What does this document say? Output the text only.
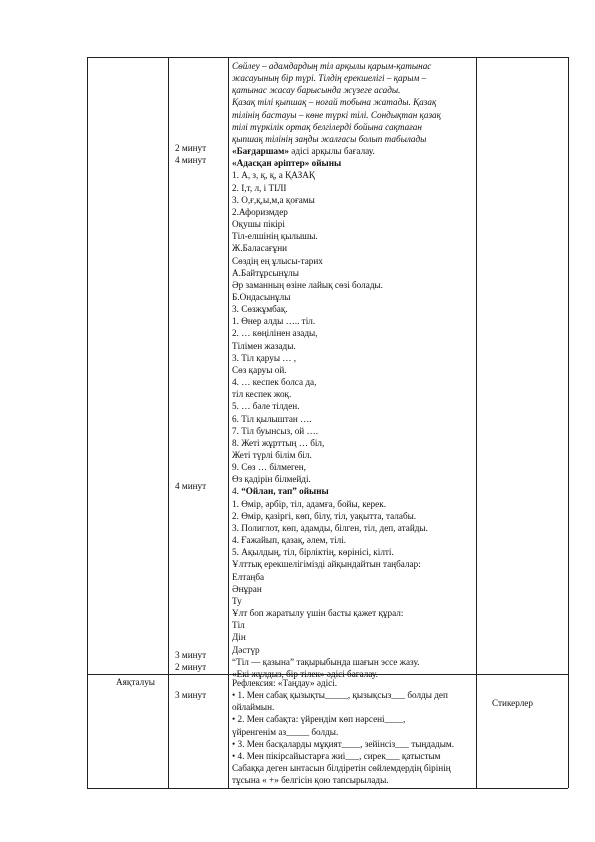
2 минут
4 минут
4 минут
3 минут
2 минут
3 минут
Аяқталуы
Стикерлер
Сөйлеу – адамдардың тіл арқылы қарым-қатынас
жасауының бір түрі. Тілдің ерекшелігі – қарым –
қатынас жасау барысында жүзеге асады.
Қазақ тілі қыпшақ – ноғай тобына жатады. Қазақ
тілінің бастауы – көне түркі тілі. Сондықтан қазақ
тілі түркілік ортақ белгілерді бойына сақтаған
қыпшақ тілінің заңды жалғасы болып табылады
«Бағдаршам» әдісі арқылы бағалау.
«Адасқан әріптер» ойыны
1. А, з, қ, қ, а ҚАЗАҚ
2. І,т, л, і ТІЛІ
3. О,ғ,қ,ы,м,а қоғамы
2.Афоризмдер
Оқушы пікірі
Тіл-елшінің қылышы.
Ж.Баласағұни
Сөздің ең ұлысы-тарих
А.Байтұрсынұлы
Әр заманның өзіне лайық сөзі болады.
Б.Ондасынұлы
3. Сөзжұмбақ.
1. Өнер алды ….. тіл.
2. … көңілінен азады,
Тілімен жазады.
3. Тіл қаруы … ,
Сөз қаруы ой.
4. … кеспек болса да,
тіл кеспек жоқ.
5. … бәле тілден.
6. Тіл қылыштан ….
7. Тіл буынсыз, ой ….
8. Жеті жұрттың … біл,
Жеті түрлі білім біл.
9. Сөз … білмеген,
Өз қадірін білмейді.
4. “Ойлан, тап” ойыны
1. Өмір, әрбір, тіл, адамға, бойы, керек.
2. Өмір, қазіргі, көп, білу, тіл, уақытта, талабы.
3. Полиглот, көп, адамды, білген, тіл, деп, атайды.
4. Ғажайып, қазақ, әлем, тілі.
5. Ақылдың, тіл, бірліктің, көрінісі, кілті.
Ұлттық ерекшелігімізді айқындайтын таңбалар:
Елтаңба
Әнұран
Ту
Ұлт боп жаратылу үшін басты қажет құрал:
Тіл
Дін
Дәстүр
“Тіл — қазына” тақырыбында шағын эссе жазу.
«Екі жұлдыз, бір тілек» әдісі бағалау.
Рефлексия: «Таңдау» әдісі.
• 1. Мен сабақ қызықты_____, қызықсыз___ болды деп
ойлаймын.
• 2. Мен сабақта: үйрендім көп нәрсені____,
үйренгенім аз_____ болды.
• 3. Мен басқаларды мұқият____, зейінсіз___ тыңдадым.
• 4. Мен пікірсайыстарға жиі___, сирек___ қатыстым
Сабаққа деген ынтасын білдіретін сөйлемдердің бірінің
тұсына « +» белгісін қою тапсырылады.
